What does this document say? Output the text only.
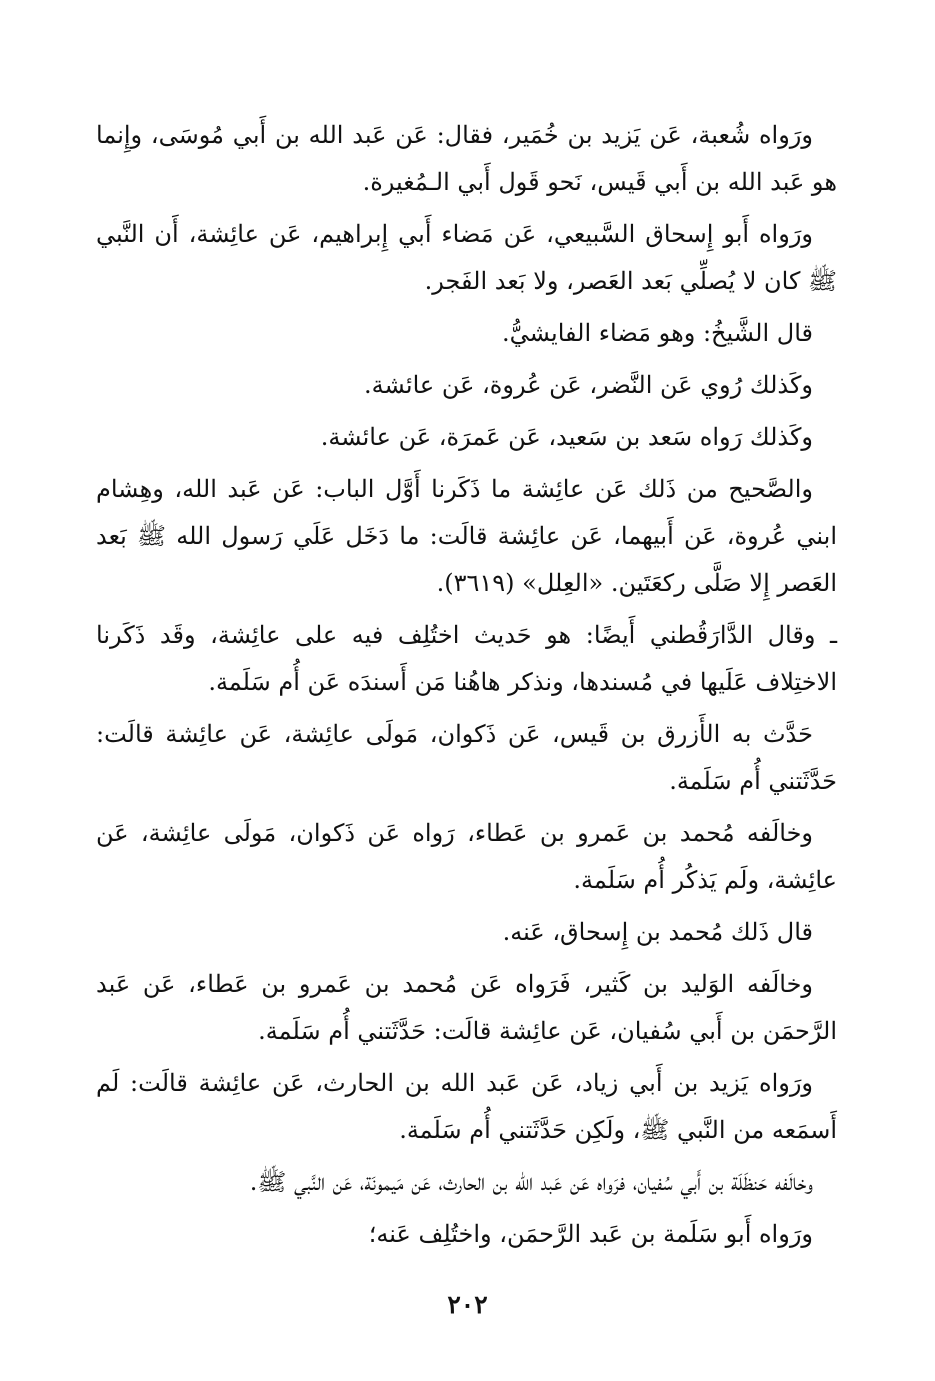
ورَواه شُعبة، عَن يَزيد بن خُمَير، فقال: عَن عَبد الله بن أَبي مُوسَى، وإِنما هو عَبد الله بن أَبي قَيس، نَحو قَول أَبي الـمُغيرة.

ورَواه أَبو إِسحاق السَّبيعي، عَن مَضاء أَبي إِبراهيم، عَن عائِشة، أَن النَّبي ﷺ كان لا يُصلِّي بَعد العَصر، ولا بَعد الفَجر.

قال الشَّيخُ: وهو مَضاء الفايشيُّ.

وكَذلك رُوي عَن النَّضر، عَن عُروة، عَن عائشة.

وكَذلك رَواه سَعد بن سَعيد، عَن عَمرَة، عَن عائشة.

والصَّحيح من ذَلك عَن عائِشة ما ذَكَرنا أَوَّل الباب: عَن عَبد الله، وهِشام ابني عُروة، عَن أَبيهما، عَن عائِشة قالَت: ما دَخَل عَلَي رَسول الله ﷺ بَعد العَصر إِلا صَلَّى ركعَتَين. «العِلل» (٣٦١٩).

ـ وقال الدَّارَقُطني أَيضًا: هو حَديث اختُلِف فيه على عائِشة، وقَد ذَكَرنا الاختِلاف عَلَيها في مُسندها، ونذكر هاهُنا مَن أَسندَه عَن أُم سَلَمة.

حَدَّث به الأَزرق بن قَيس، عَن ذَكوان، مَولَى عائِشة، عَن عائِشة قالَت: حَدَّثَتني أُم سَلَمة.

وخالَفه مُحمد بن عَمرو بن عَطاء، رَواه عَن ذَكوان، مَولَى عائِشة، عَن عائِشة، ولَم يَذكُر أُم سَلَمة.

قال ذَلك مُحمد بن إِسحاق، عَنه.

وخالَفه الوَليد بن كَثير، فَرَواه عَن مُحمد بن عَمرو بن عَطاء، عَن عَبد الرَّحمَن بن أَبي سُفيان، عَن عائِشة قالَت: حَدَّثَتني أُم سَلَمة.

ورَواه يَزيد بن أَبي زياد، عَن عَبد الله بن الحارث، عَن عائِشة قالَت: لَم أَسمَعه من النَّبي ﷺ، ولَكِن حَدَّثَتني أُم سَلَمة.

وخالَفه حَنظَلَة بن أَبي سُفيان، فرَواه عَن عَبد الله بن الحارث، عَن مَيمونَة، عَن النَّبي ﷺ.

ورَواه أَبو سَلَمة بن عَبد الرَّحمَن، واختُلِف عَنه؛

٢٠٢
